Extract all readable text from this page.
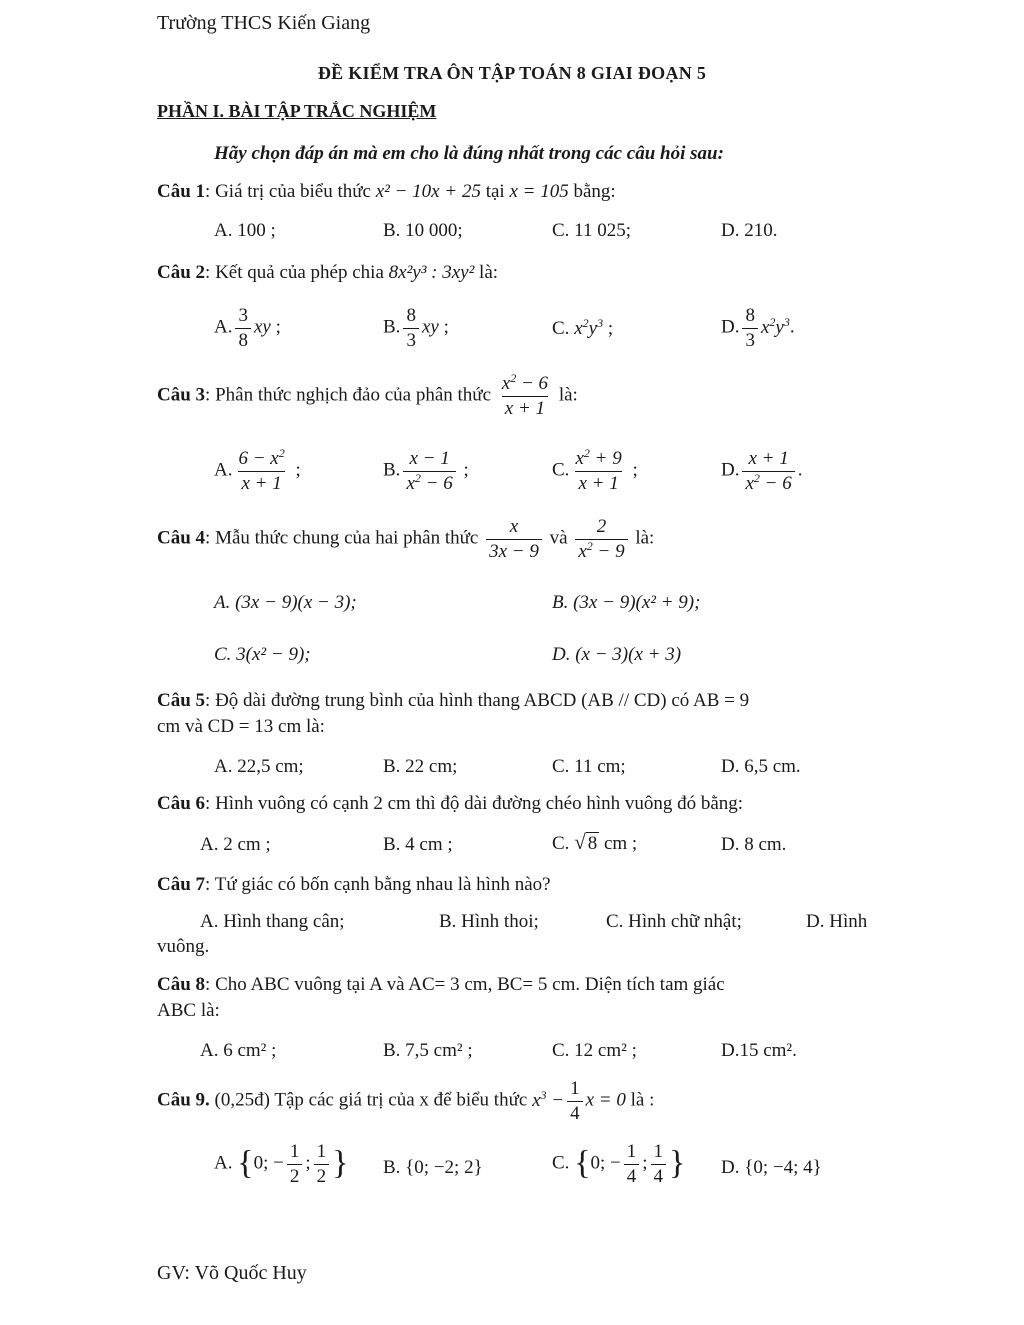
Trường THCS Kiến Giang
ĐỀ KIỂM TRA ÔN TẬP TOÁN 8 GIAI ĐOẠN 5
PHẦN I. BÀI TẬP TRẮC NGHIỆM
Hãy chọn đáp án mà em cho là đúng nhất trong các câu hỏi sau:
Câu 1: Giá trị của biểu thức x² − 10x + 25 tại x = 105 bằng:
A. 100 ;	B. 10 000;	C. 11 025;	D. 210.
Câu 2: Kết quả của phép chia 8x²y³ : 3xy² là:
A. $\frac{3}{8}$ xy ;	B. $\frac{8}{3}$ xy ;	C. $x^2y^3$ ;	D. $\frac{8}{3} x^2y^3$.
Câu 3: Phân thức nghịch đảo của phân thức $\frac{x^2 - 6}{x + 1}$ là:
A. $\frac{6 - x^2}{x + 1}$ ;	B. $\frac{x - 1}{x^2 - 6}$ ;	C. $\frac{x^2 + 9}{x + 1}$ ;	D. $\frac{x + 1}{x^2 - 6}$ .
Câu 4: Mẫu thức chung của hai phân thức $\frac{x}{3x - 9}$ và $\frac{2}{x^2 - 9}$ là:
A. (3x − 9)(x − 3);	B. (3x − 9)(x² + 9);
C. 3(x² − 9);	D. (x − 3)(x + 3)
Câu 5: Độ dài đường trung bình của hình thang ABCD (AB // CD) có AB = 9
cm và CD = 13 cm là:
A. 22,5 cm;	B. 22 cm;	C. 11 cm;	D. 6,5 cm.
Câu 6: Hình vuông có cạnh 2 cm thì độ dài đường chéo hình vuông đó bằng:
A. 2 cm ;	B. 4 cm ;	C. √ 8 cm ;	D. 8 cm.
Câu 7: Tứ giác có bốn cạnh bằng nhau là hình nào?
A. Hình thang cân;	B. Hình thoi;	C. Hình chữ nhật;	D. Hình
vuông.
Câu 8: Cho ABC vuông tại A và AC= 3 cm, BC= 5 cm. Diện tích tam giác
ABC là:
A. 6 cm² ;	B. 7,5 cm² ;	C. 12 cm² ;	D.15 cm².
Câu 9. (0,25đ) Tập các giá trị của x để biểu thức $x^3 - \frac{1}{4}$ x = 0 là :
A. {0; − $\frac{1}{2}$ ; $\frac{1}{2}$ } B. {0; −2; 2}	C. {0; − $\frac{1}{4}$ ; $\frac{1}{4}$ } D. {0; −4; 4}
GV: Võ Quốc Huy
